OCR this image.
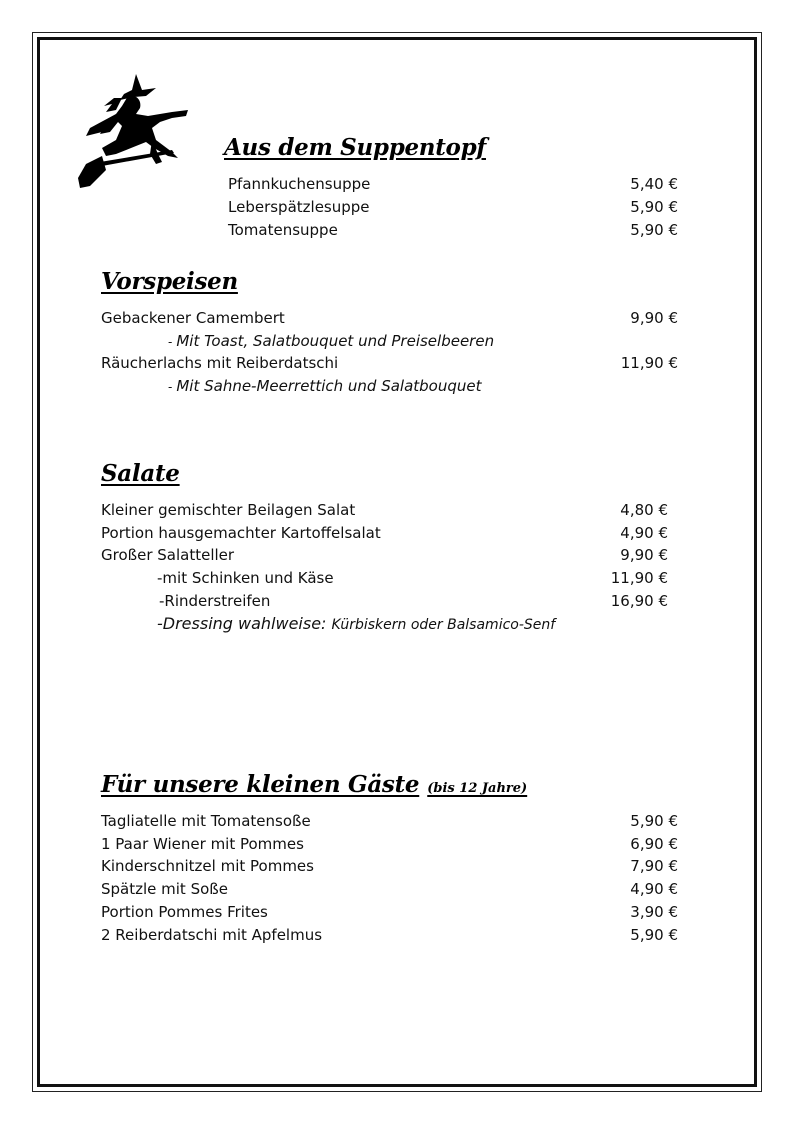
Aus dem Suppentopf
Pfannkuchensuppe	5,40 €
Leberspätzlesuppe	5,90 €
Tomatensuppe	5,90 €
Vorspeisen
Gebackener Camembert	9,90 €
- Mit Toast, Salatbouquet und Preiselbeeren
Räucherlachs mit Reiberdatschi	11,90 €
- Mit Sahne-Meerrettich und Salatbouquet
Salate
Kleiner gemischter Beilagen Salat	4,80 €
Portion hausgemachter Kartoffelsalat	4,90 €
Großer Salatteller	9,90 €
-mit Schinken und Käse	11,90 €
-Rinderstreifen	16,90 €
-Dressing wahlweise: Kürbiskern oder Balsamico-Senf
Für unsere kleinen Gäste (bis 12 Jahre)
Tagliatelle mit Tomatensoße	5,90 €
1 Paar Wiener mit Pommes	6,90 €
Kinderschnitzel mit Pommes	7,90 €
Spätzle mit Soße	4,90 €
Portion Pommes Frites	3,90 €
2 Reiberdatschi mit Apfelmus	5,90 €
